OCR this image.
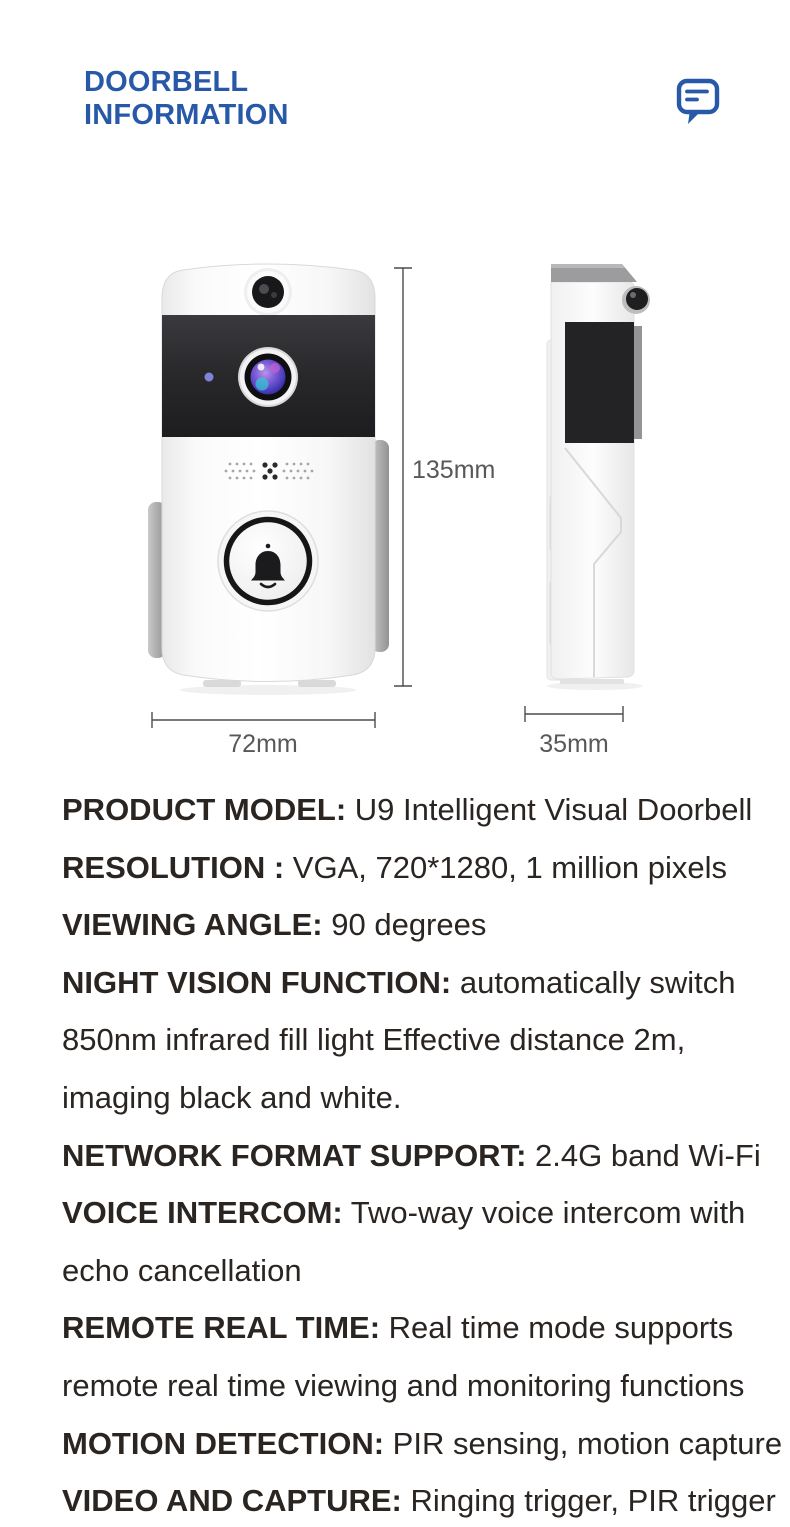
DOORBELL
INFORMATION
135mm
72mm	35mm

PRODUCT MODEL: U9 Intelligent Visual Doorbell

RESOLUTION : VGA, 720*1280, 1 million pixels

VIEWING ANGLE: 90 degrees

NIGHT VISION FUNCTION: automatically switch 850nm infrared fill light Effective distance 2m, imaging black and white.

NETWORK FORMAT SUPPORT: 2.4G band Wi-Fi

VOICE INTERCOM: Two-way voice intercom with echo cancellation

REMOTE REAL TIME: Real time mode supports remote real time viewing and monitoring functions

MOTION DETECTION: PIR sensing, motion capture

VIDEO AND CAPTURE: Ringing trigger, PIR trigger
